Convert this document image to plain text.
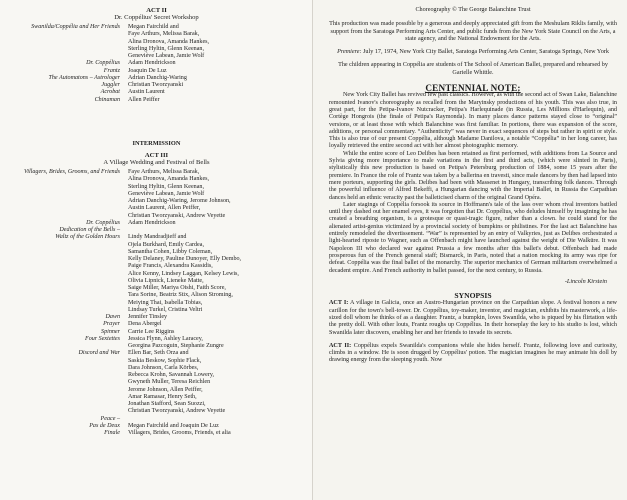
ACT II
Dr. Coppélius' Secret Workshop
Swanilda/Coppélia and Her Friends	Megan Fairchild and
Faye Arthurs, Melissa Barak,
Alina Dronova, Amanda Hankes,
Sterling Hyltin, Glenn Keenan,
Geneviève Labean, Jamie Wolf
Dr. Coppélius	Adam Hendrickson
Frantz	Joaquin De Luz
The Automatons – Astrologer	Adrian Danchig-Waring
Juggler	Christian Tworzyanski
Acrobat	Austin Laurent
Chinaman	Allen Peiffer
INTERMISSION
ACT III
A Village Wedding and Festival of Bells
Villagers, Brides, Grooms, and Friends	Faye Arthurs, Melissa Barak,
Alina Dronova, Amanda Hankes,
Sterling Hyltin, Glenn Keenan,
Geneviève Labean, Jamie Wolf
Adrian Danchig-Waring, Jerome Johnson,
Austin Laurent, Allen Peiffer,
Christian Tworzyanski, Andrew Veyette
Dr. Coppélius	Adam Hendrickson
Dedication of the Bells –
Waltz of the Golden Hours	Lindy Mandradjieff and
Ojela Burkhard, Emily Cardea,
Samantha Cohen, Libby Coleman,
Kelly Delaney, Pauline Dunoyer, Elly Dembo,
Paige Francis, Alexandra Kassidis,
Alice Kenny, Lindsey Laggan, Kelsey Lewis,
Olivia Lipnick, Lieneke Matte,
Saige Miller, Mariya Oishi, Faith Score,
Tara Sorine, Beatriz Stix, Alison Stroming,
Meiying Thai, Isabella Tobias,
Lindsay Turkel, Cristina Veltri
Dawn	Jennifer Tinsley
Prayer	Dena Abergel
Spinner	Carrie Lee Riggins
Four Sextettes	Jessica Flynn, Ashley Laracey,
Georgina Pazcoguin, Stephanie Zungre
Discord and War	Ellen Bar, Seth Orza and
Saskia Beskow, Sophie Flack,
Dara Johnson, Carla Körbes,
Rebecca Krohn, Savannah Lowery,
Gwyneth Muller, Teresa Reichlen
Jerome Johnson, Allen Peiffer,
Amar Ramasar, Henry Seth,
Jonathan Stafford, Sean Suozzi,
Christian Tworzyanski, Andrew Veyette
Peace –
Pas de Deux	Megan Fairchild and Joaquin De Luz
Finale	Villagers, Brides, Grooms, Friends, et alia
Choreography © The George Balanchine Trust
This production was made possible by a generous and deeply appreciated gift from the Meshulam Riklis family, with support from the Saratoga Performing Arts Center, and public funds from the New York State Council on the Arts, a state agency, and the National Endowment for the Arts.
Premiere: July 17, 1974, New York City Ballet, Saratoga Performing Arts Center, Saratoga Springs, New York
The children appearing in Coppélia are students of The School of American Ballet, prepared and rehearsed by Garielle Whittle.
CENTENNIAL NOTE:
New York City Ballet has revived few past classics. However, as with the second act of Swan Lake, Balanchine remounted Ivanov's choreography as recalled from the Maryinsky productions of his youth. This was also true, in great part, for the Petipa-Ivanov Nutcracker, Petipa's Harlequinade (in Russia, Les Millions d'Harlequin), and Cortège Hongrois (the finale of Petipa's Raymonda). In many places dance patterns stayed close to “original” versions, or at least those with which Balanchine was first familiar. In portions, there was expansion of the score, additions, or personal commentary. “Authenticity” was never in exact sequences of steps but rather in spirit or style. This is also true of our present Coppélia, although Madame Danilova, a notable “Coppélia” in her long career, has loyally retrieved the entire second act with her almost photographic memory.
While the entire score of Leo Delibes has been retained as first performed, with additions from La Source and Sylvia giving more importance to male variations in the first and third acts, (which were slinted in Paris), stylistically this new production is based on Petipa's Petersburg production of 1884, some 15 years after the premiere. In France the role of Frantz was taken by a ballerina en travesti, since male dancers by then had lapsed into mere porteurs, supporting the girls. Delibes had been with Massenet in Hungary, transcribing folk dances. Through the powerful influence of Alfred Bekeffi, a Hungarian dancing with the Imperial Ballet, in Russia the Carpathian dances held an ethnic veracity past the balleticised charm of the original Grand Opéra.
Later stagings of Coppélia forsook its source in Hoffmann's tale of the lass over whom rival inventors battled until they dashed out her enamel eyes, it was forgotten that Dr. Coppélius, who deludes himself by imagining he has created a breathing organism, is a grotesque or quasi-tragic figure, rather than a clown. he could stand for the alienated artist-genius victimized by a provincial society of bumpkins or philistines. For the last act Balanchine has entirely remodeled the divertissement. “War” is represented by an entry of Valkyries, just as Delibes orchestrated a light-hearted riposte to Wagner, such as Offenbach might have launched against the weight of Die Walküre. It was Napoleon III who declared war against Prussia a few months after this ballet's debut. Offenbach had made prosperous fun of the French general staff; Bismarck, in Paris, noted that a nation mocking its army was ripe for defeat. Coppélia was the final ballet of the monarchy. The superior mechanics of German militarism overwhelmed a decadent empire. And French authority in ballet passed, for the next century, to Russia.
-Lincoln Kirstein
SYNOPSIS
ACT I: A village in Galicia, once an Austro-Hungarian province on the Carpathian slope. A festival honors a new carillon for the town's bell-tower. Dr. Coppélius, toy-maker, inventor, and magician, exhibits his masterwork, a life-sized doll whom he thinks of as a daughter. Frantz, a bumpkin, loves Swanilda, who is piqued by his flirtation with the pretty doll. With other louts, Frantz roughs up Coppélius. In their horseplay the key to his studio is lost, which Swanilda later discovers, enabling her and her friends to invade its secrets.
ACT II: Coppélius expels Swanilda's companions while she hides herself. Frantz, following love and curiosity, climbs in a window. He is soon drugged by Coppélius' potion. The magician imagines he may animate his doll by drawing energy from the sleeping youth. Now
